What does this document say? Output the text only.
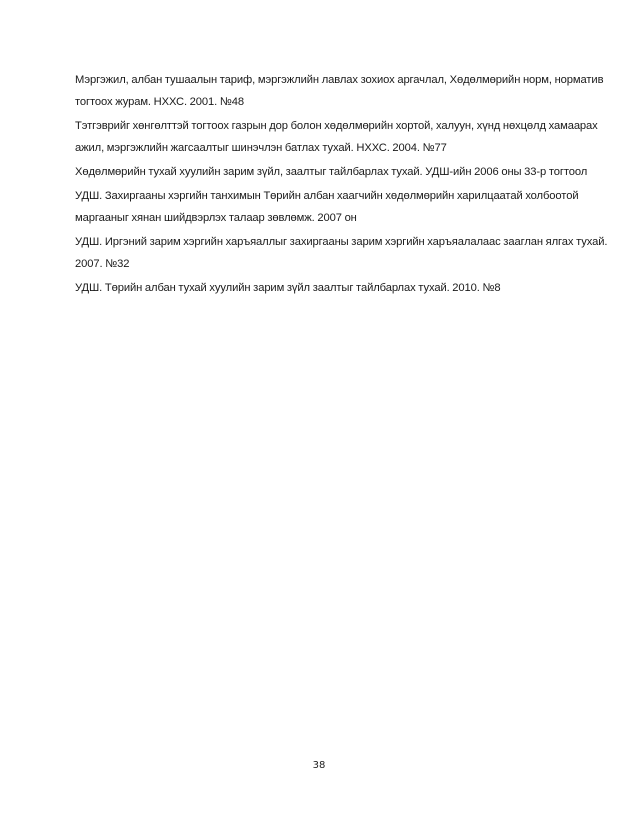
Мэргэжил, албан тушаалын тариф, мэргэжлийн лавлах зохиох аргачлал, Хөдөлмөрийн норм, норматив тогтоох журам. НХХС. 2001. №48
Тэтгэврийг хөнгөлттэй тогтоох газрын дор болон хөдөлмөрийн хортой, халуун, хүнд нөхцөлд хамаарах ажил, мэргэжлийн жагсаалтыг шинэчлэн батлах тухай. НХХС. 2004. №77
Хөдөлмөрийн тухай хуулийн зарим зүйл, заалтыг тайлбарлах тухай. УДШ-ийн 2006 оны 33-р тогтоол
УДШ. Захиргааны хэргийн танхимын Төрийн албан хаагчийн хөдөлмөрийн харилцаатай холбоотой маргааныг хянан шийдвэрлэх талаар зөвлөмж. 2007 он
УДШ. Иргэний зарим хэргийн харъяаллыг захиргааны зарим хэргийн харъяалалаас зааглан ялгах тухай. 2007. №32
УДШ. Төрийн албан тухай хуулийн зарим зүйл заалтыг тайлбарлах тухай. 2010. №8
38
